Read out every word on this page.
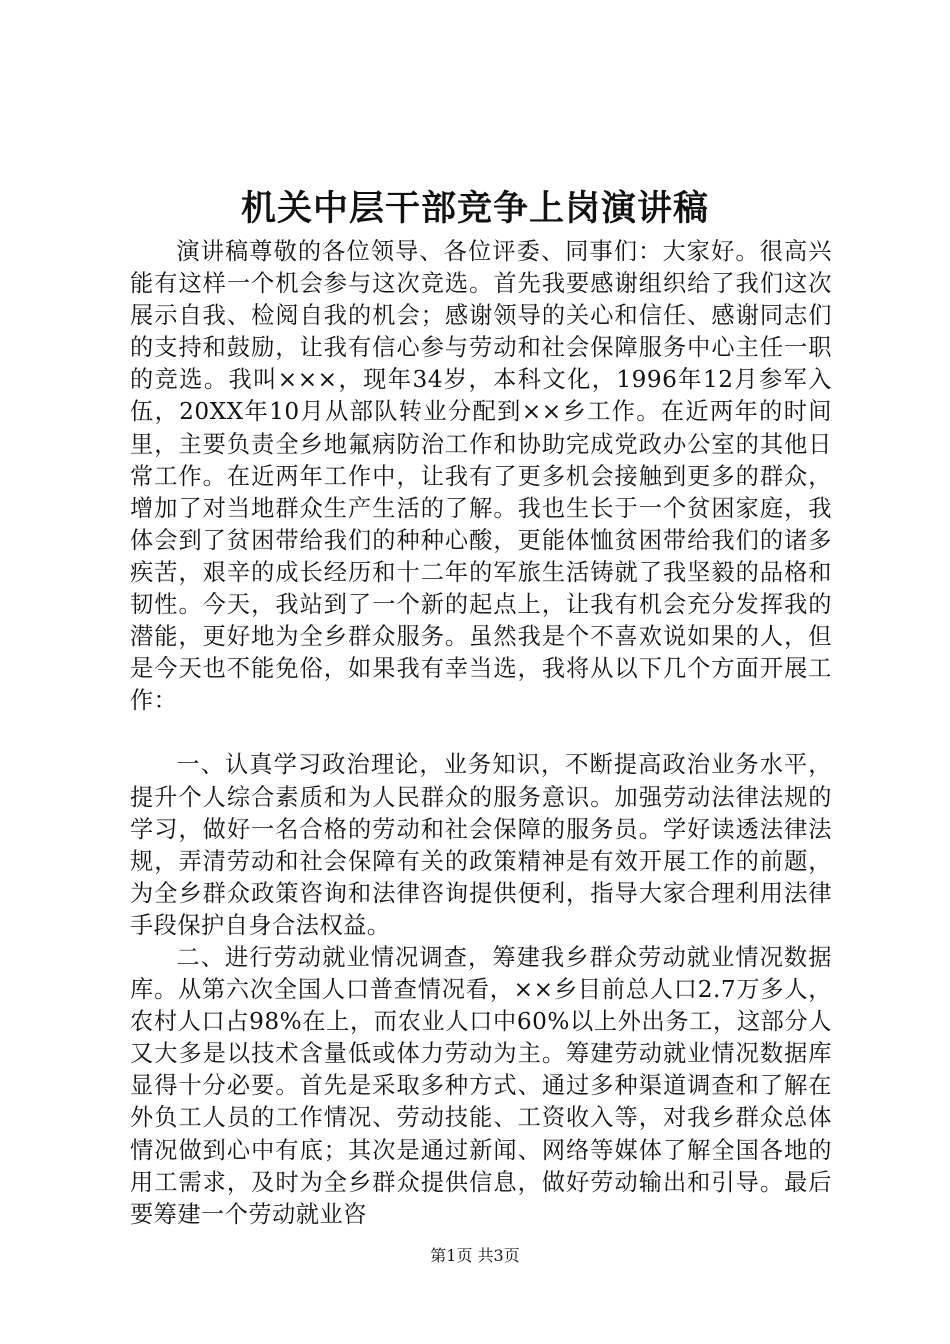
机关中层干部竞争上岗演讲稿

演讲稿尊敬的各位领导、各位评委、同事们：大家好。很高兴能有这样一个机会参与这次竞选。首先我要感谢组织给了我们这次展示自我、检阅自我的机会；感谢领导的关心和信任、感谢同志们的支持和鼓励，让我有信心参与劳动和社会保障服务中心主任一职的竞选。我叫×××，现年34岁，本科文化，1996年12月参军入伍，20XX年10月从部队转业分配到××乡工作。在近两年的时间里，主要负责全乡地氟病防治工作和协助完成党政办公室的其他日常工作。在近两年工作中，让我有了更多机会接触到更多的群众，增加了对当地群众生产生活的了解。我也生长于一个贫困家庭，我体会到了贫困带给我们的种种心酸，更能体恤贫困带给我们的诸多疾苦，艰辛的成长经历和十二年的军旅生活铸就了我坚毅的品格和韧性。今天，我站到了一个新的起点上，让我有机会充分发挥我的潜能，更好地为全乡群众服务。虽然我是个不喜欢说如果的人，但是今天也不能免俗，如果我有幸当选，我将从以下几个方面开展工作：

一、认真学习政治理论，业务知识，不断提高政治业务水平，提升个人综合素质和为人民群众的服务意识。加强劳动法律法规的学习，做好一名合格的劳动和社会保障的服务员。学好读透法律法规，弄清劳动和社会保障有关的政策精神是有效开展工作的前题，为全乡群众政策咨询和法律咨询提供便利，指导大家合理利用法律手段保护自身合法权益。

二、进行劳动就业情况调查，筹建我乡群众劳动就业情况数据库。从第六次全国人口普查情况看，××乡目前总人口2.7万多人，农村人口占98%在上，而农业人口中60%以上外出务工，这部分人又大多是以技术含量低或体力劳动为主。筹建劳动就业情况数据库显得十分必要。首先是采取多种方式、通过多种渠道调查和了解在外负工人员的工作情况、劳动技能、工资收入等，对我乡群众总体情况做到心中有底；其次是通过新闻、网络等媒体了解全国各地的用工需求，及时为全乡群众提供信息，做好劳动输出和引导。最后要筹建一个劳动就业咨

第1页 共3页
